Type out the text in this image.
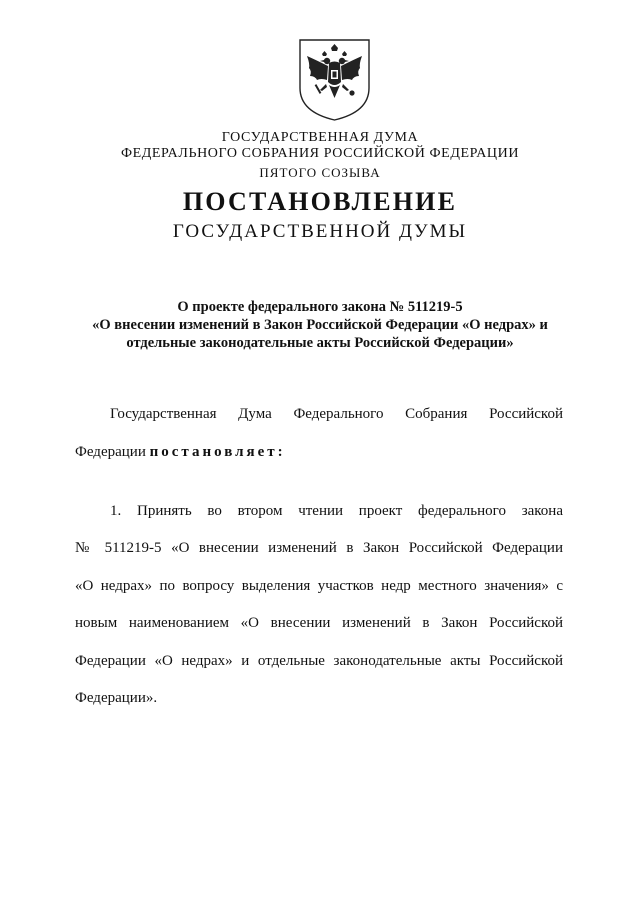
ГОСУДАРСТВЕННАЯ ДУМА
ФЕДЕРАЛЬНОГО СОБРАНИЯ РОССИЙСКОЙ ФЕДЕРАЦИИ
ПЯТОГО СОЗЫВА
ПОСТАНОВЛЕНИЕ
ГОСУДАРСТВЕННОЙ ДУМЫ
О проекте федерального закона № 511219-5
«О внесении изменений в Закон Российской Федерации «О недрах» и
отдельные законодательные акты Российской Федерации»
Государственная Дума Федерального Собрания Российской
Федерации постановляет:
1. Принять во втором чтении проект федерального закона
№ 511219-5 «О внесении изменений в Закон Российской Федерации
«О недрах» по вопросу выделения участков недр местного значения» с
новым наименованием «О внесении изменений в Закон Российской
Федерации «О недрах» и отдельные законодательные акты Российской
Федерации».
